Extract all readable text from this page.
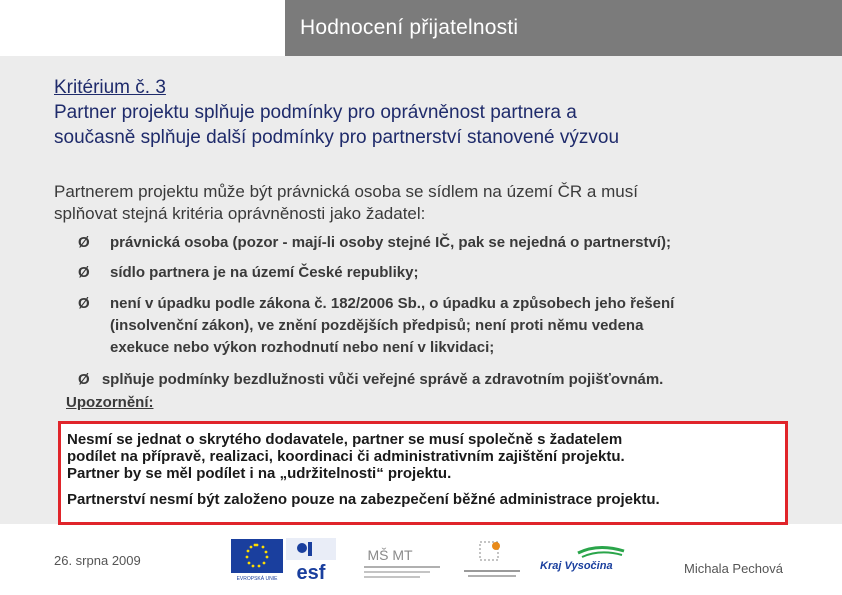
Hodnocení přijatelnosti
Kritérium č. 3
Partner projektu splňuje podmínky pro oprávněnost partnera a
současně splňuje další podmínky pro partnerství stanovené výzvou
Partnerem projektu může být právnická osoba se sídlem na území ČR a musí
splňovat stejná kritéria oprávněnosti jako žadatel:
Ø právnická osoba (pozor - mají-li osoby stejné IČ, pak se nejedná o partnerství);
Ø sídlo partnera je na území České republiky;
Ø není v úpadku podle zákona č. 182/2006 Sb., o úpadku a způsobech jeho řešení
(insolvenční zákon), ve znění pozdějších předpisů; není proti němu vedena
exekuce nebo výkon rozhodnutí nebo není v likvidaci;
Ø splňuje podmínky bezdlužnosti vůči veřejné správě a zdravotním pojišťovnám.
Upozornění:
Nesmí se jednat o skrytého dodavatele, partner se musí společně s žadatelem
podílet na přípravě, realizaci, koordinaci či administrativním zajištění projektu.
Partner by se měl podílet i na „udržitelnosti“ projektu.
Partnerství nesmí být založeno pouze na zabezpečení běžné administrace projektu.
26. srpna 2009
EVROPSKÁ UNIE esf
MŠ MT
Kraj Vysočina	Michala Pechová
